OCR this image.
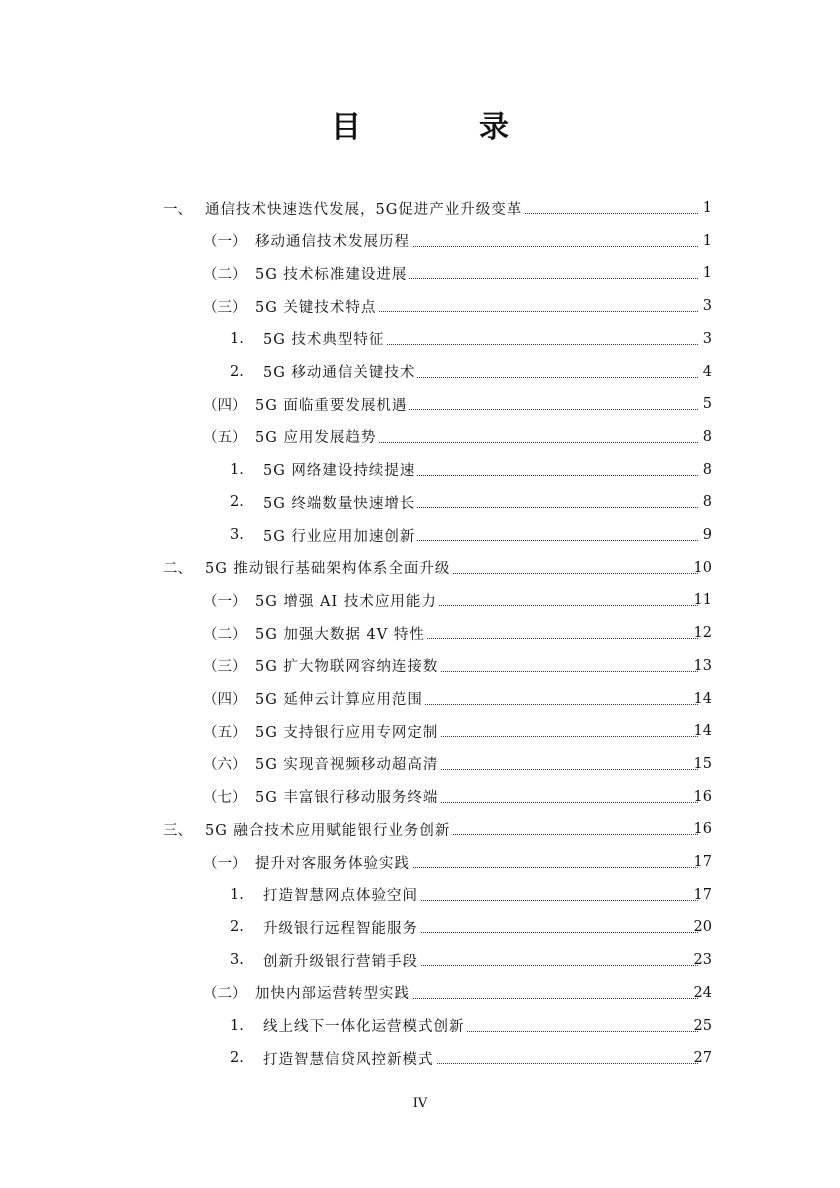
目　录
一、 通信技术快速迭代发展，5G促进产业升级变革	1
（一） 移动通信技术发展历程	1
（二） 5G 技术标准建设进展	1
（三） 5G 关键技术特点	3
1. 5G 技术典型特征	3
2. 5G 移动通信关键技术	4
（四） 5G 面临重要发展机遇	5
（五） 5G 应用发展趋势	8
1. 5G 网络建设持续提速	8
2. 5G 终端数量快速增长	8
3. 5G 行业应用加速创新	9
二、 5G 推动银行基础架构体系全面升级	10
（一） 5G 增强 AI 技术应用能力	11
（二） 5G 加强大数据 4V 特性	12
（三） 5G 扩大物联网容纳连接数	13
（四） 5G 延伸云计算应用范围	14
（五） 5G 支持银行应用专网定制	14
（六） 5G 实现音视频移动超高清	15
（七） 5G 丰富银行移动服务终端	16
三、 5G 融合技术应用赋能银行业务创新	16
（一） 提升对客服务体验实践	17
1. 打造智慧网点体验空间	17
2. 升级银行远程智能服务	20
3. 创新升级银行营销手段	23
（二） 加快内部运营转型实践	24
1. 线上线下一体化运营模式创新	25
2. 打造智慧信贷风控新模式	27
IV
